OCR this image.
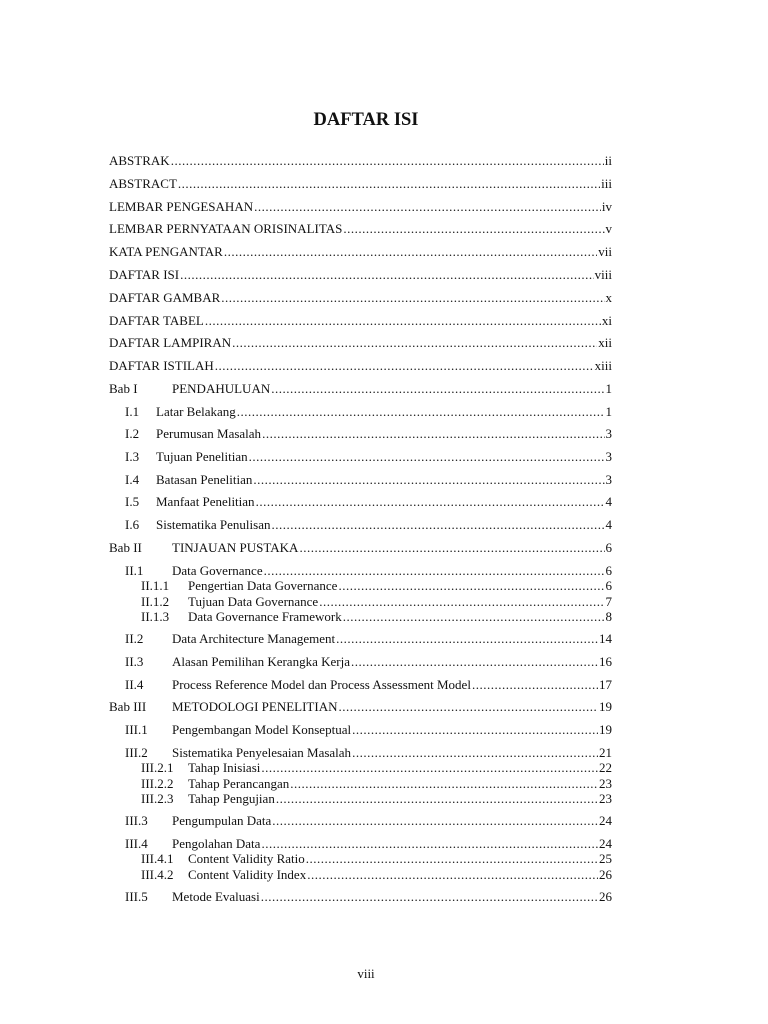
DAFTAR ISI
ABSTRAK .....	ii
ABSTRACT .....	iii
LEMBAR PENGESAHAN .....	iv
LEMBAR PERNYATAAN ORISINALITAS .....	v
KATA PENGANTAR .....	vii
DAFTAR ISI .....	viii
DAFTAR GAMBAR .....	x
DAFTAR TABEL .....	xi
DAFTAR LAMPIRAN .....	xii
DAFTAR ISTILAH .....	xiii
Bab I	PENDAHULUAN .....	1
I.1	Latar Belakang .....	1
I.2	Perumusan Masalah .....	3
I.3	Tujuan Penelitian .....	3
I.4	Batasan Penelitian .....	3
I.5	Manfaat Penelitian .....	4
I.6	Sistematika Penulisan .....	4
Bab II	TINJAUAN PUSTAKA .....	6
II.1	Data Governance .....	6
II.1.1	Pengertian Data Governance .....	6
II.1.2	Tujuan Data Governance .....	7
II.1.3	Data Governance Framework .....	8
II.2	Data Architecture Management .....	14
II.3	Alasan Pemilihan Kerangka Kerja .....	16
II.4	Process Reference Model dan Process Assessment Model .....	17
Bab III	METODOLOGI PENELITIAN .....	19
III.1	Pengembangan Model Konseptual .....	19
III.2	Sistematika Penyelesaian Masalah .....	21
III.2.1	Tahap Inisiasi .....	22
III.2.2	Tahap Perancangan .....	23
III.2.3	Tahap Pengujian .....	23
III.3	Pengumpulan Data .....	24
III.4	Pengolahan Data .....	24
III.4.1	Content Validity Ratio .....	25
III.4.2	Content Validity Index .....	26
III.5	Metode Evaluasi .....	26
viii
